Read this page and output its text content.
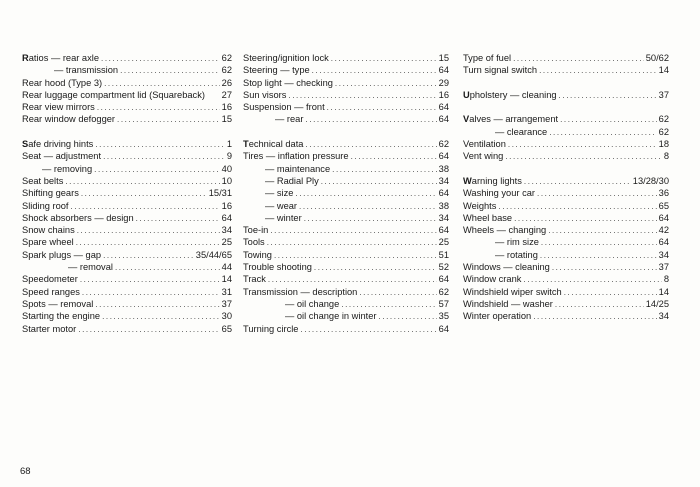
Ratios — rear axle .....	62
— transmission .....	62
Rear hood (Type 3) .....	26
Rear luggage compartment lid (Squareback) 27
Rear view mirrors .....	16
Rear window defogger .....	15
Safe driving hints .....	1
Seat — adjustment .....	9
— removing .....	40
Seat belts .....	10
Shifting gears .....	15/31
Sliding roof .....	16
Shock absorbers — design .....	64
Snow chains .....	34
Spare wheel .....	25
Spark plugs — gap .....	35/44/65
— removal .....	44
Speedometer .....	14
Speed ranges .....	31
Spots — removal .....	37
Starting the engine .....	30
Starter motor .....	65
Steering/ignition lock .....	15
Steering — type .....	64
Stop light — checking .....	29
Sun visors .....	16
Suspension — front .....	64
— rear .....	64
Technical data .....	62
Tires — inflation pressure .....	64
— maintenance .....	38
— Radial Ply .....	34
— size .....	64
— wear .....	38
— winter .....	34
Toe-in .....	64
Tools .....	25
Towing .....	51
Trouble shooting .....	52
Track .....	64
Transmission — description .....	62
— oil change .....	57
— oil change in winter .....	35
Turning circle .....	64
Type of fuel .....	50/62
Turn signal switch .....	14
Upholstery — cleaning .....	37
Valves — arrangement .....	62
— clearance .....	62
Ventilation .....	18
Vent wing .....	8
Warning lights .....	13/28/30
Washing your car .....	36
Weights .....	65
Wheel base .....	64
Wheels — changing .....	42
— rim size .....	64
— rotating .....	34
Windows — cleaning .....	37
Window crank .....	8
Windshield wiper switch .....	14
Windshield — washer .....	14/25
Winter operation .....	34
68
